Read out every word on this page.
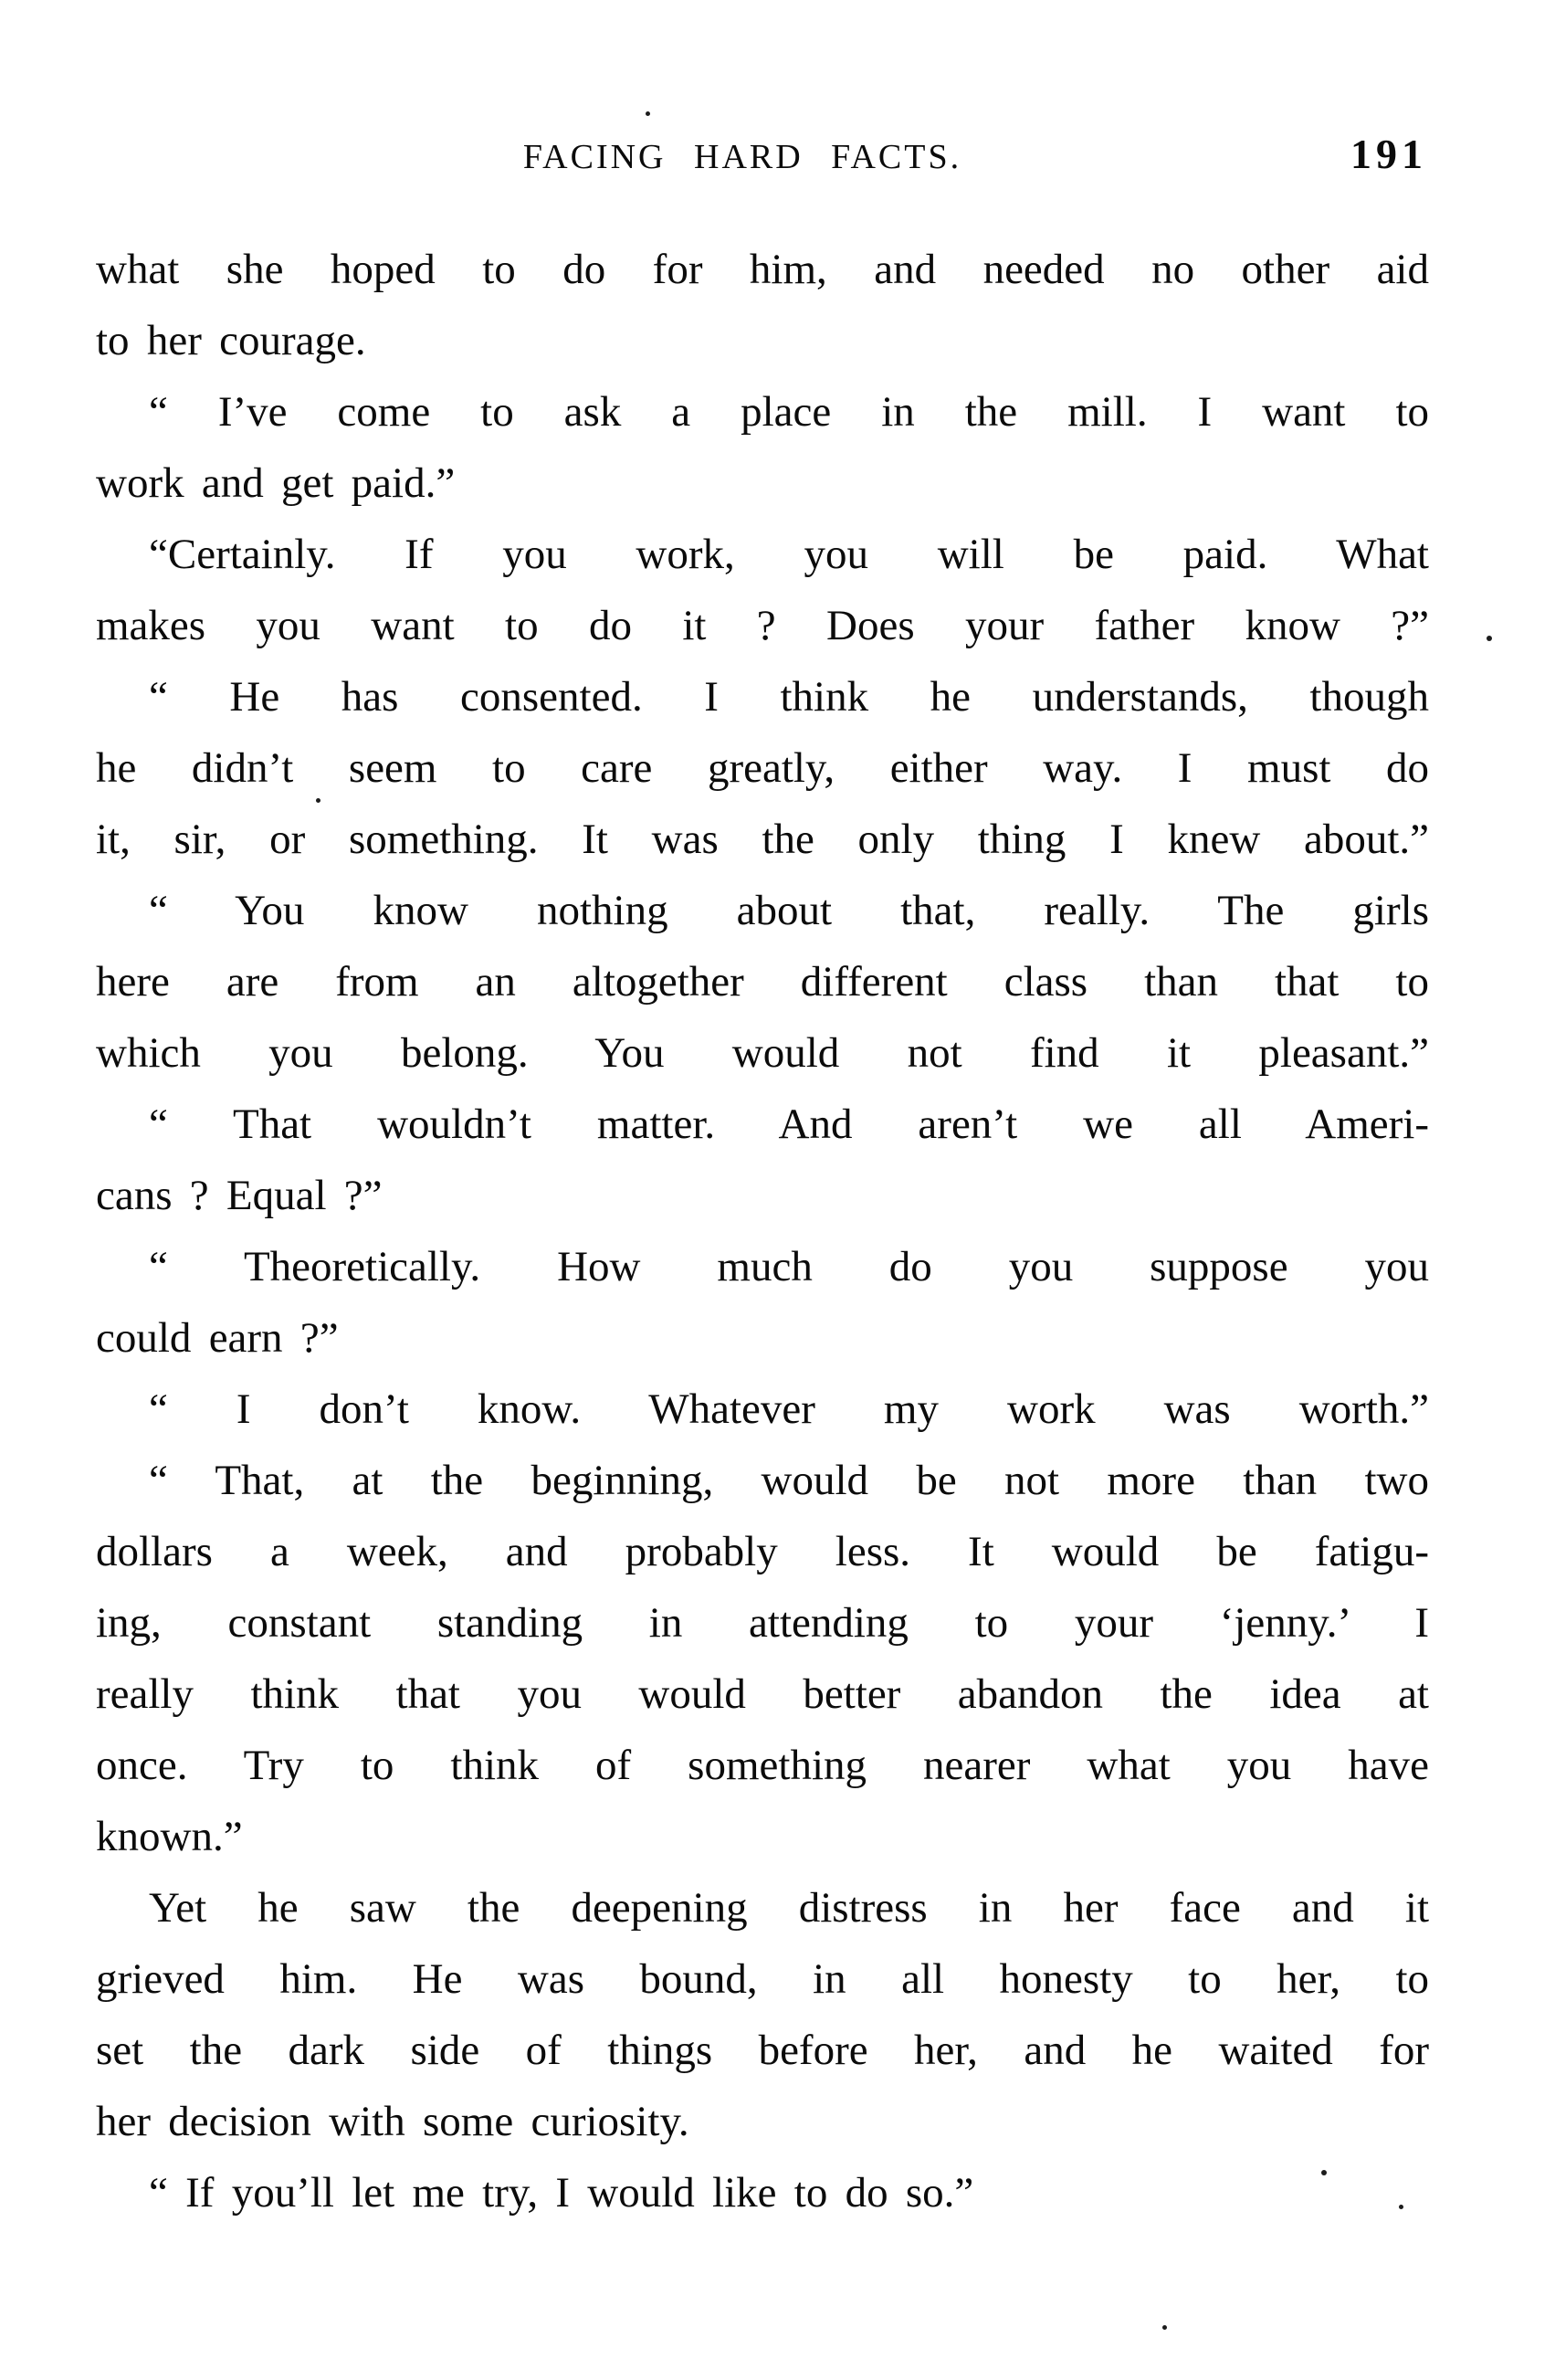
FACING HARD FACTS.	191
what she hoped to do for him, and needed no other aid
to her courage.
“ I’ve come to ask a place in the mill. I want to
work and get paid.”
“Certainly. If you work, you will be paid. What
makes you want to do it ? Does your father know ?”
“ He has consented. I think he understands, though
he didn’t seem to care greatly, either way. I must do
it, sir, or something. It was the only thing I knew about.”
“ You know nothing about that, really. The girls
here are from an altogether different class than that to
which you belong. You would not find it pleasant.”
“ That wouldn’t matter. And aren’t we all Ameri-
cans ? Equal ?”
“ Theoretically. How much do you suppose you
could earn ?”
“ I don’t know. Whatever my work was worth.”
“ That, at the beginning, would be not more than two
dollars a week, and probably less. It would be fatigu-
ing, constant standing in attending to your ‘jenny.’ I
really think that you would better abandon the idea at
once. Try to think of something nearer what you have
known.”
Yet he saw the deepening distress in her face and it
grieved him. He was bound, in all honesty to her, to
set the dark side of things before her, and he waited for
her decision with some curiosity.
“ If you’ll let me try, I would like to do so.”
